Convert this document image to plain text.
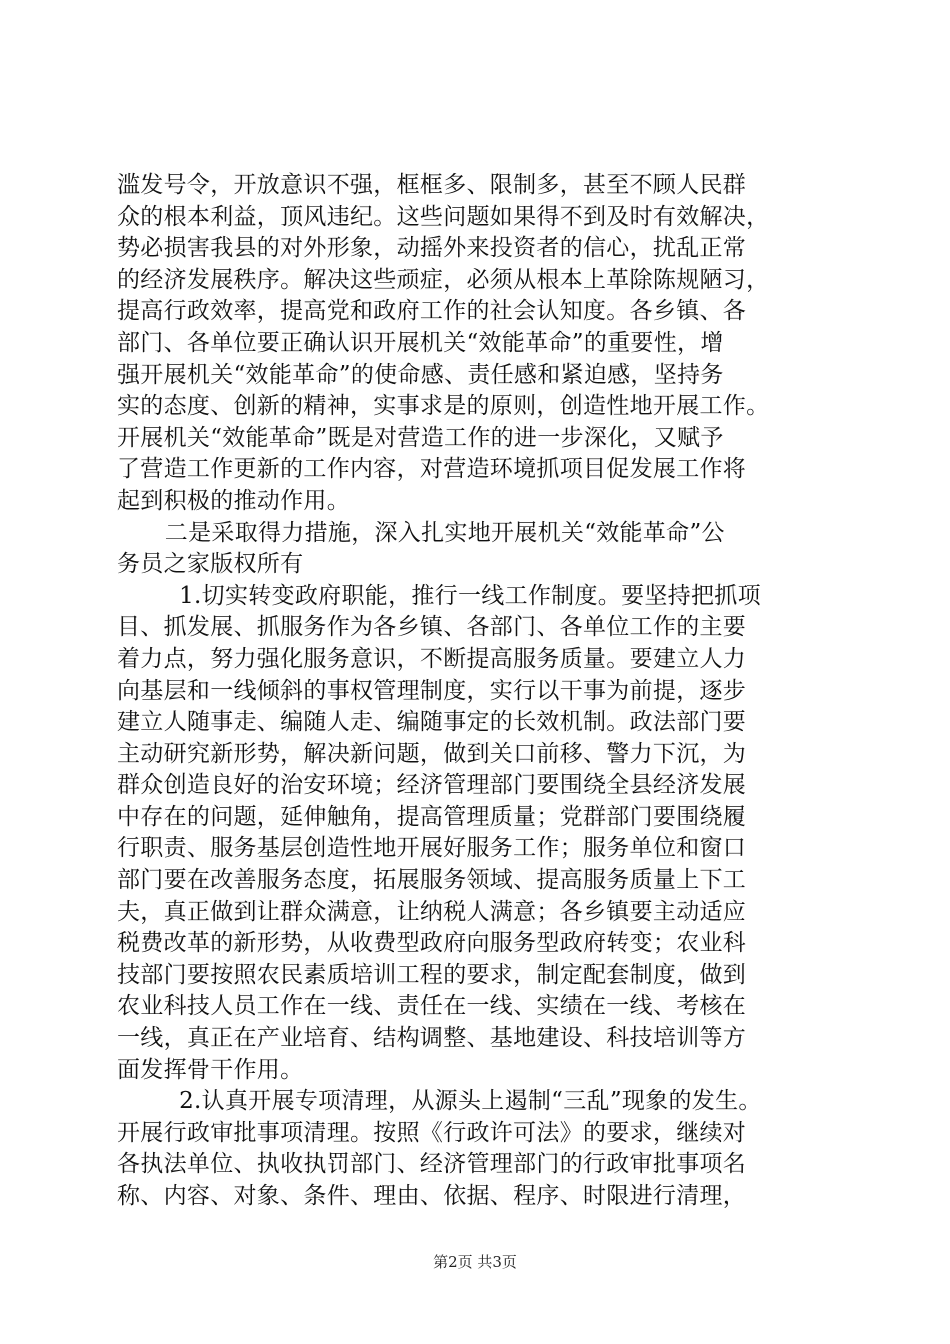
滥发号令，开放意识不强，框框多、限制多，甚至不顾人民群
众的根本利益，顶风违纪。这些问题如果得不到及时有效解决，
势必损害我县的对外形象，动摇外来投资者的信心，扰乱正常
的经济发展秩序。解决这些顽症，必须从根本上革除陈规陋习，
提高行政效率，提高党和政府工作的社会认知度。各乡镇、各
部门、各单位要正确认识开展机关“效能革命”的重要性，增
强开展机关“效能革命”的使命感、责任感和紧迫感，坚持务
实的态度、创新的精神，实事求是的原则，创造性地开展工作。
开展机关“效能革命”既是对营造工作的进一步深化，又赋予
了营造工作更新的工作内容，对营造环境抓项目促发展工作将
起到积极的推动作用。
二是采取得力措施，深入扎实地开展机关“效能革命”公
务员之家版权所有
1.切实转变政府职能，推行一线工作制度。要坚持把抓项
目、抓发展、抓服务作为各乡镇、各部门、各单位工作的主要
着力点，努力强化服务意识，不断提高服务质量。要建立人力
向基层和一线倾斜的事权管理制度，实行以干事为前提，逐步
建立人随事走、编随人走、编随事定的长效机制。政法部门要
主动研究新形势，解决新问题，做到关口前移、警力下沉，为
群众创造良好的治安环境；经济管理部门要围绕全县经济发展
中存在的问题，延伸触角，提高管理质量；党群部门要围绕履
行职责、服务基层创造性地开展好服务工作；服务单位和窗口
部门要在改善服务态度，拓展服务领域、提高服务质量上下工
夫，真正做到让群众满意，让纳税人满意；各乡镇要主动适应
税费改革的新形势，从收费型政府向服务型政府转变；农业科
技部门要按照农民素质培训工程的要求，制定配套制度，做到
农业科技人员工作在一线、责任在一线、实绩在一线、考核在
一线，真正在产业培育、结构调整、基地建设、科技培训等方
面发挥骨干作用。
2.认真开展专项清理，从源头上遏制“三乱”现象的发生。
开展行政审批事项清理。按照《行政许可法》的要求，继续对
各执法单位、执收执罚部门、经济管理部门的行政审批事项名
称、内容、对象、条件、理由、依据、程序、时限进行清理，
第2页 共3页
